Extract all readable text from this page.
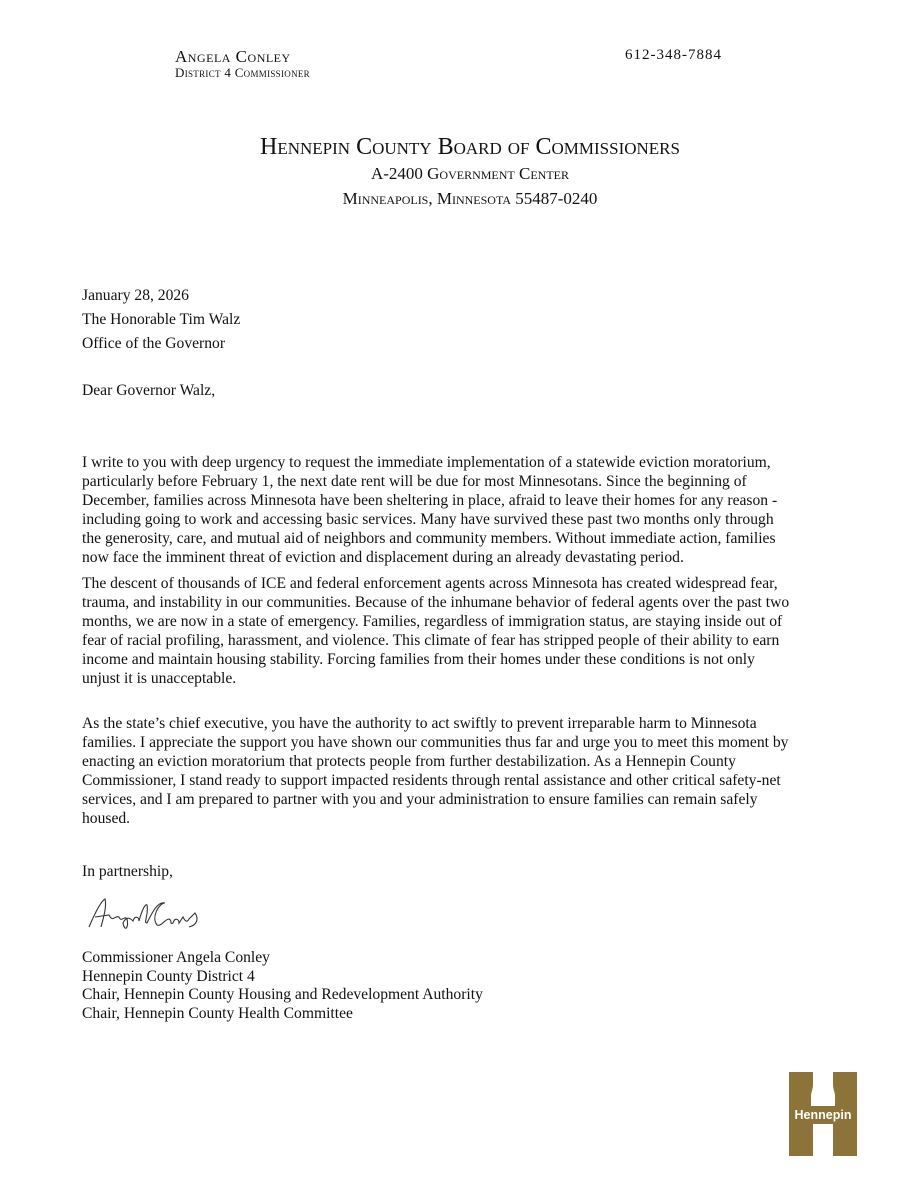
Angela Conley
District 4 Commissioner
612-348-7884
Hennepin County Board of Commissioners
A-2400 Government Center
Minneapolis, Minnesota 55487-0240
January 28, 2026
The Honorable Tim Walz
Office of the Governor
Dear Governor Walz,
I write to you with deep urgency to request the immediate implementation of a statewide eviction moratorium,
particularly before February 1, the next date rent will be due for most Minnesotans. Since the beginning of
December, families across Minnesota have been sheltering in place, afraid to leave their homes for any reason -
including going to work and accessing basic services. Many have survived these past two months only through
the generosity, care, and mutual aid of neighbors and community members. Without immediate action, families
now face the imminent threat of eviction and displacement during an already devastating period.
The descent of thousands of ICE and federal enforcement agents across Minnesota has created widespread fear,
trauma, and instability in our communities. Because of the inhumane behavior of federal agents over the past two
months, we are now in a state of emergency. Families, regardless of immigration status, are staying inside out of
fear of racial profiling, harassment, and violence. This climate of fear has stripped people of their ability to earn
income and maintain housing stability. Forcing families from their homes under these conditions is not only
unjust it is unacceptable.
As the state’s chief executive, you have the authority to act swiftly to prevent irreparable harm to Minnesota
families. I appreciate the support you have shown our communities thus far and urge you to meet this moment by
enacting an eviction moratorium that protects people from further destabilization. As a Hennepin County
Commissioner, I stand ready to support impacted residents through rental assistance and other critical safety-net
services, and I am prepared to partner with you and your administration to ensure families can remain safely
housed.
In partnership,
Commissioner Angela Conley
Hennepin County District 4
Chair, Hennepin County Housing and Redevelopment Authority
Chair, Hennepin County Health Committee
Hennepin
